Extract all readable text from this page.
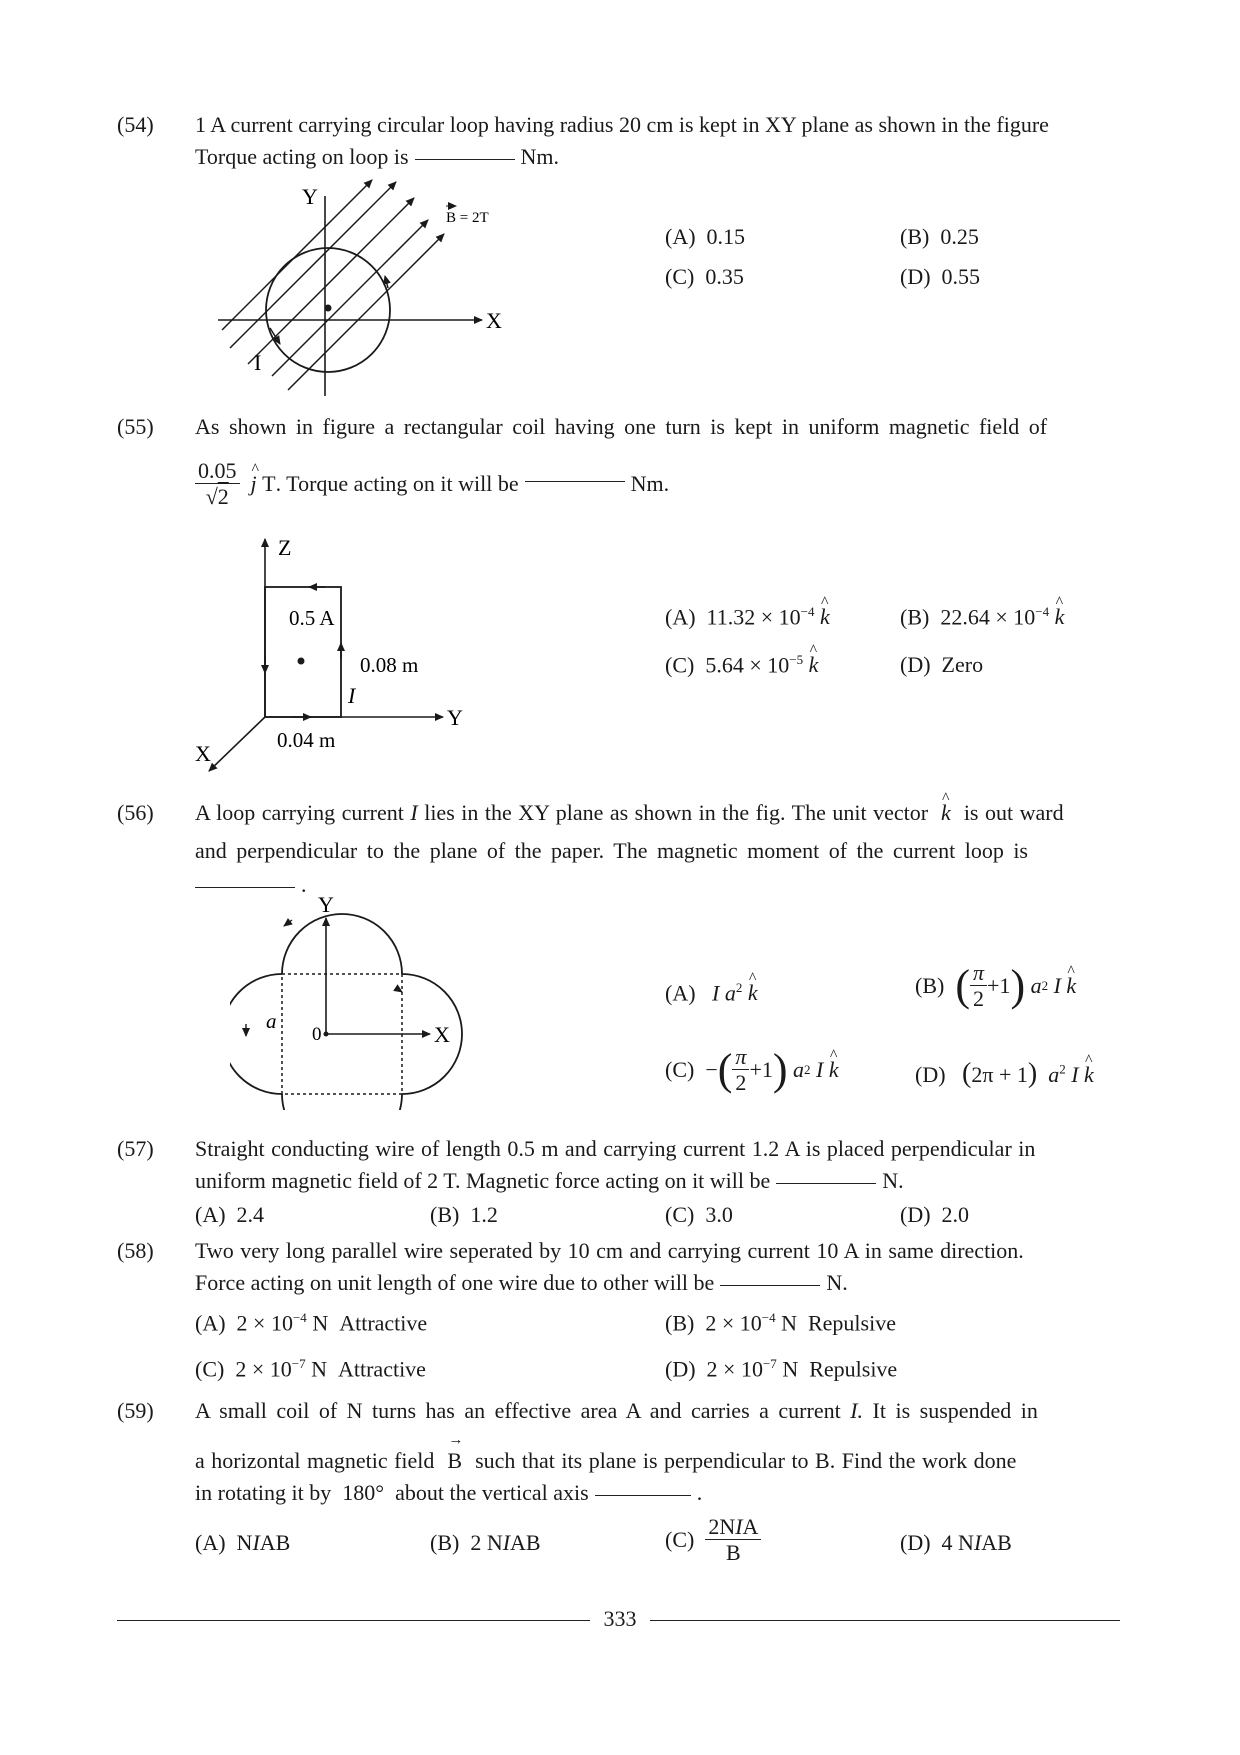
(54) 1 A current carrying circular loop having radius 20 cm is kept in XY plane as shown in the figure
Torque acting on loop is	Nm.
Y
X
I
B = 2T
(A) 0.15	(B) 0.25
(C) 0.35	(D) 0.55
(55) As shown in figure a rectangular coil having one turn is kept in uniform magnetic field of
$\frac{0.05}{√2}$
^ j
T . Torque acting on it will be	Nm.
Z
Y
X
0.5 A
0.08 m
0.04 m
I
(A) $11.32 \times 10^{-4}$ ^ k	(B) $22.64 \times 10^{-4}$ ^ k
(C) $5.64 \times 10^{-5}$ ^ k	(D) Zero
(56) A loop carrying current I lies in the XY plane as shown in the fig. The unit vector ^ k is out ward
and perpendicular to the plane of the paper. The magnetic moment of the current loop is
.
Y
X
a
0
(A) I $a^2$ ^ k	(B)
( $\frac{\pi}{2} +1$ )
a 2
I
^ k
(C)
− ( $\frac{\pi}{2} +1$ )
a 2
I
^ k	(D) (2π + 1) $a^2$ I ^ k
(57) Straight conducting wire of length 0.5 m and carrying current 1.2 A is placed perpendicular in
uniform magnetic field of 2 T. Magnetic force acting on it will be	N.
(A) 2.4	(B) 1.2	(C) 3.0	(D) 2.0
(58) Two very long parallel wire seperated by 10 cm and carrying current 10 A in same direction.
Force acting on unit length of one wire due to other will be	N.
(A) $2 \times 10^{-4}$ N Attractive	(B) $2 \times 10^{-4}$ N Repulsive
(C) $2 \times 10^{-7}$ N Attractive	(D) $2 \times 10^{-7}$ N Repulsive
(59) A small coil of N turns has an effective area A and carries a current I. It is suspended in
a horizontal magnetic field
→
B such that its plane is perpendicular to B. Find the work done
in rotating it by 180° about the vertical axis	.
(A) NIAB	(B) 2 NIAB	(C)
$\frac{\text{2NIA}}{B}$	(D) 4 NIAB
333
